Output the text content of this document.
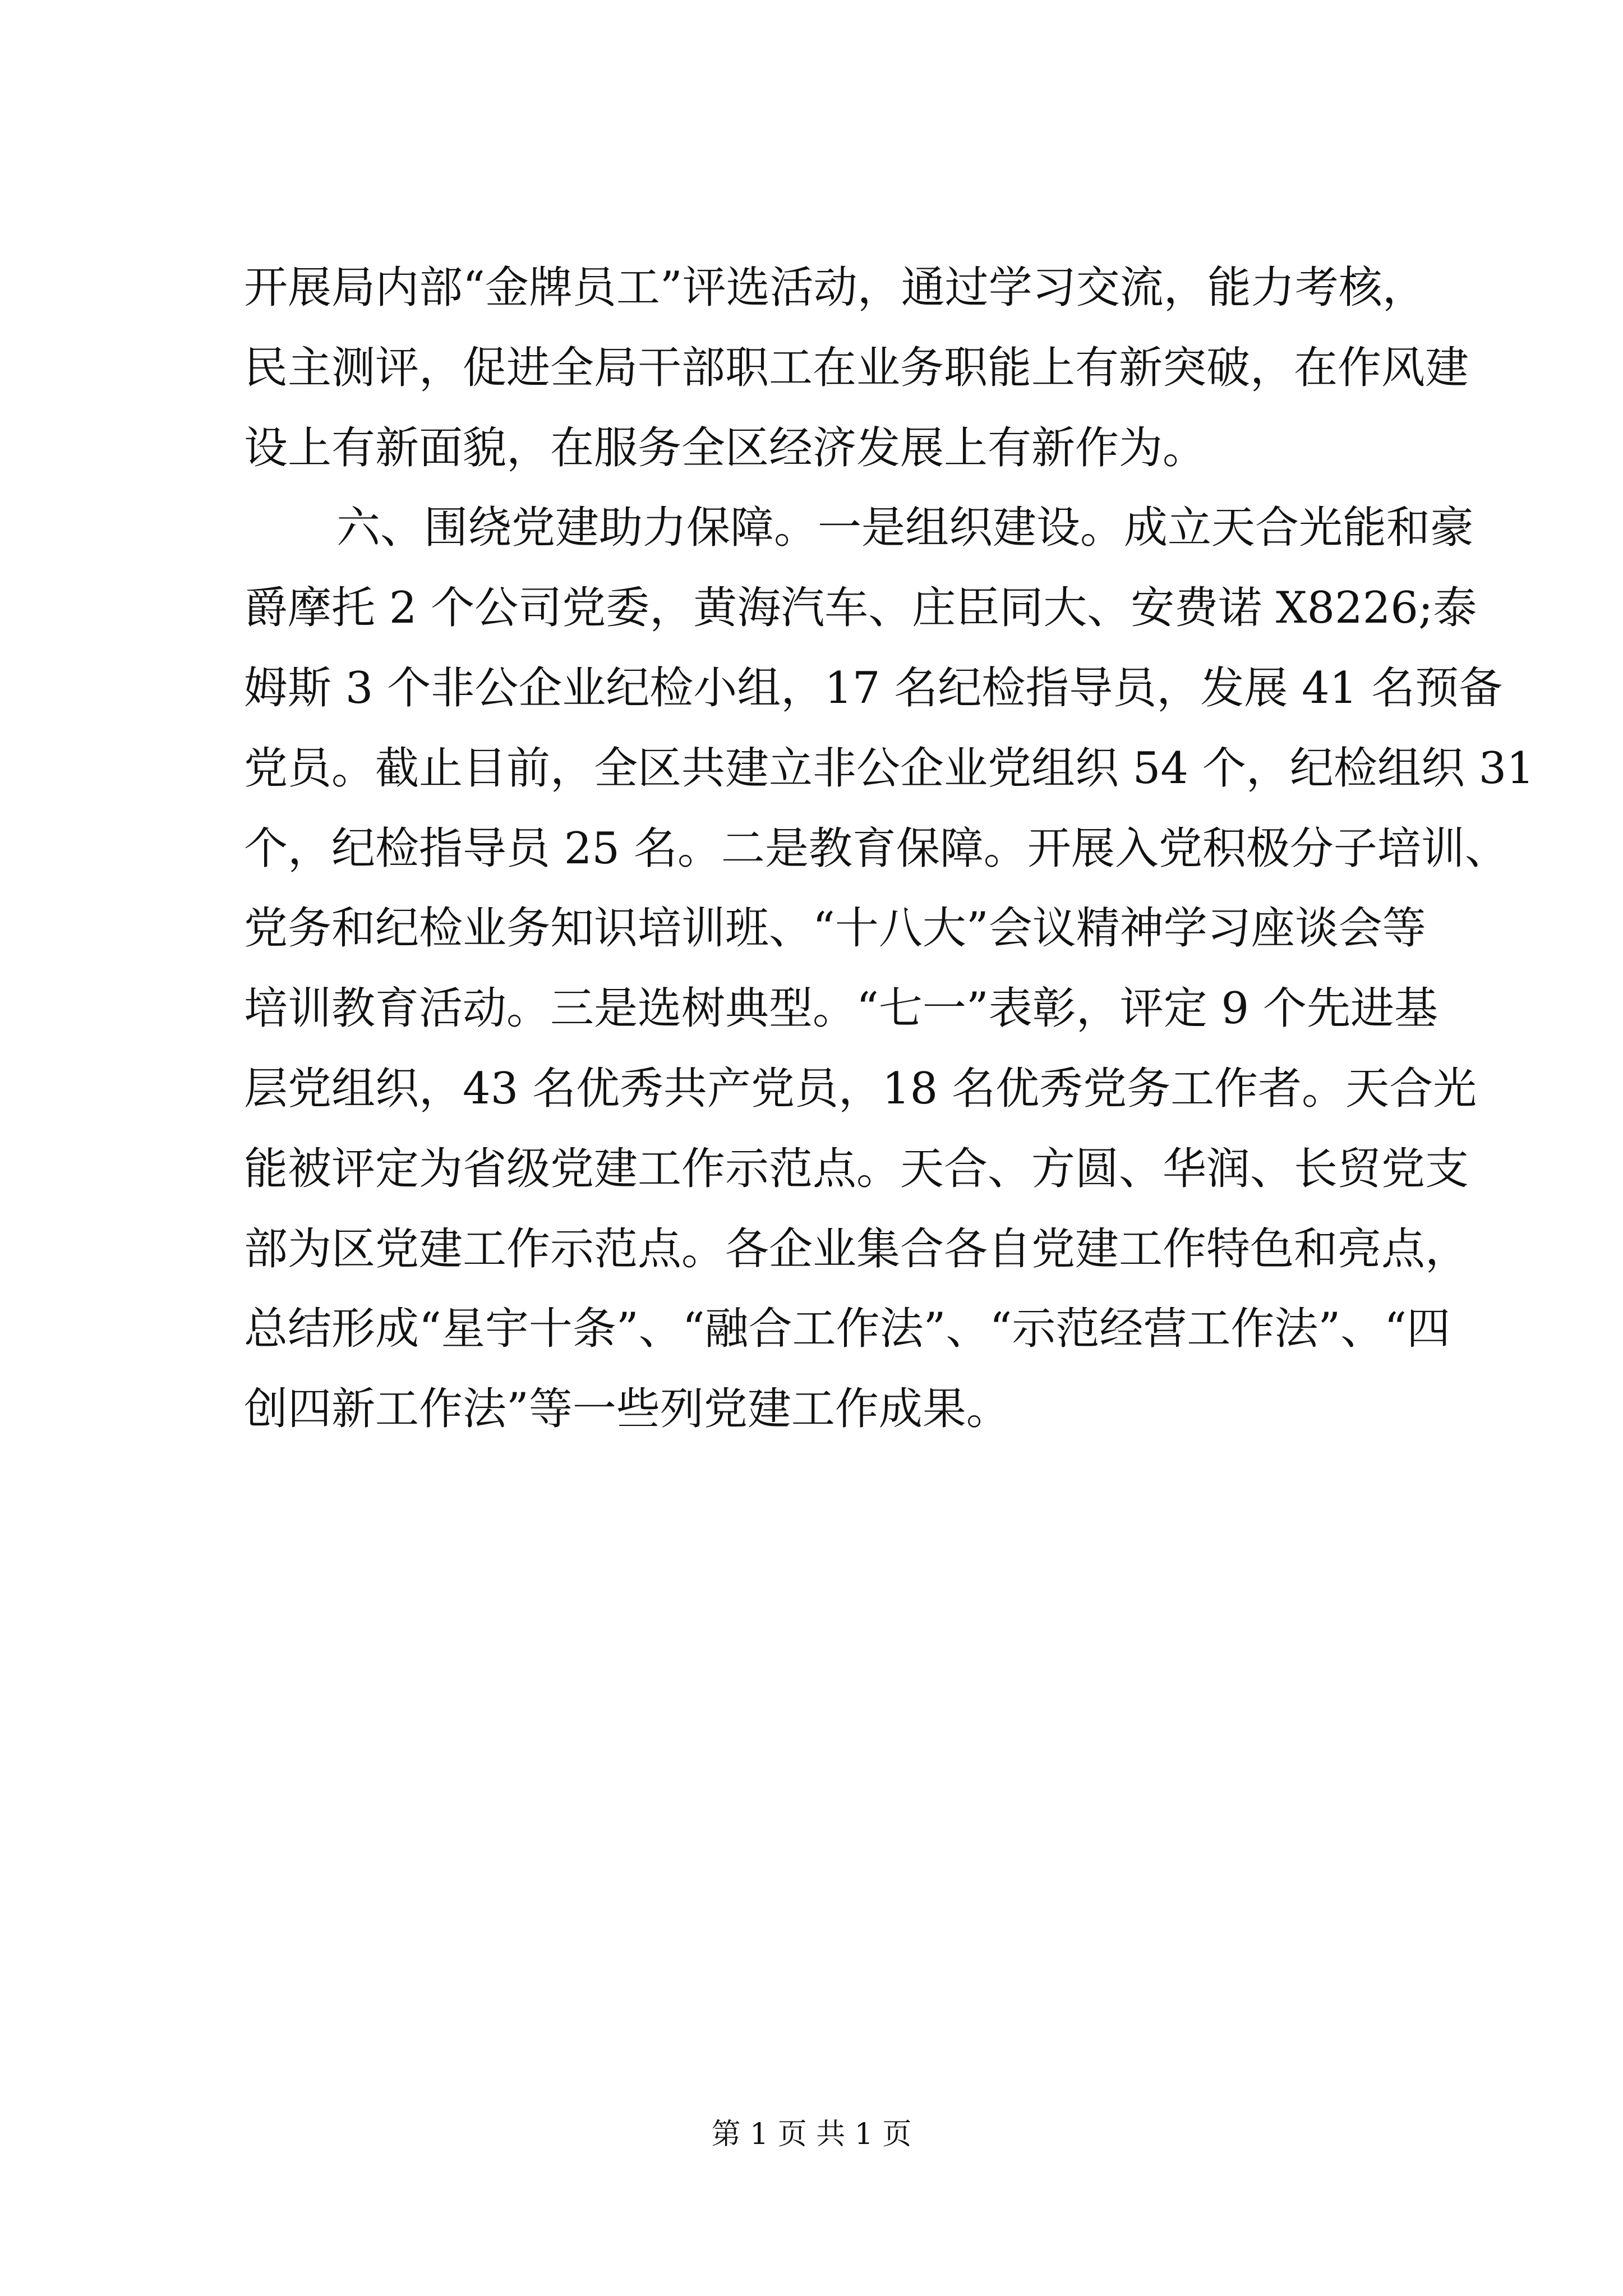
开展局内部“金牌员工”评选活动，通过学习交流，能力考核，
民主测评，促进全局干部职工在业务职能上有新突破，在作风建
设上有新面貌，在服务全区经济发展上有新作为。
六、围绕党建助力保障。一是组织建设。成立天合光能和豪
爵摩托 2 个公司党委，黄海汽车、庄臣同大、安费诺 X8226;泰
姆斯 3 个非公企业纪检小组，17 名纪检指导员，发展 41 名预备
党员。截止目前，全区共建立非公企业党组织 54 个，纪检组织 31
个，纪检指导员 25 名。二是教育保障。开展入党积极分子培训、
党务和纪检业务知识培训班、“十八大”会议精神学习座谈会等
培训教育活动。三是选树典型。“七一”表彰，评定 9 个先进基
层党组织，43 名优秀共产党员，18 名优秀党务工作者。天合光
能被评定为省级党建工作示范点。天合、方圆、华润、长贸党支
部为区党建工作示范点。各企业集合各自党建工作特色和亮点，
总结形成“星宇十条”、“融合工作法”、“示范经营工作法”、“四
创四新工作法”等一些列党建工作成果。
第 1 页 共 1 页
